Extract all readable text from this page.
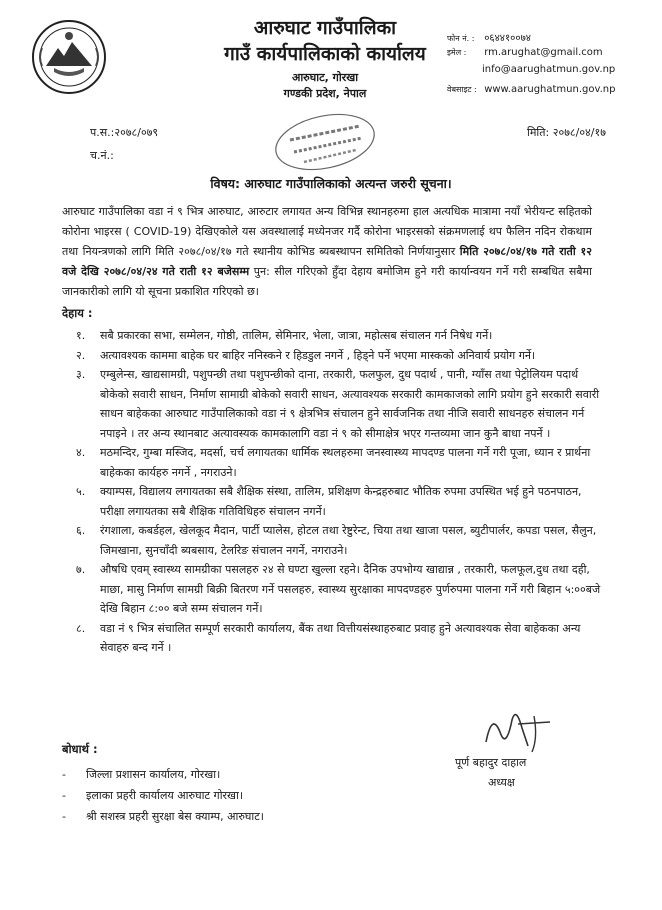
आरुघाट गाउँपालिका
गाउँ कार्यपालिकाको कार्यालय
आरुघाट, गोरखा
गण्डकी प्रदेश, नेपाल
फोन नं. : ०६४४१००७४
इमेल : rm.arughat@gmail.com
info@aarughatmun.gov.np
वेबसाइट : www.aarughatmun.gov.np
प.स.:२०७८/०७९
च.नं.:
मिति: २०७८/०४/१७
विषय: आरुघाट गाउँपालिकाको अत्यन्त जरुरी सूचना।

आरुघाट गाउँपालिका वडा नं ९ भित्र आरुघाट, आरुटार लगायत अन्य विभिन्न स्थानहरुमा हाल अत्यधिक मात्रामा नयाँ भेरीयन्ट सहितको कोरोना भाइरस ( COVID-19) देखिएकोले यस अवस्थालाई मध्येनजर गर्दै कोरोना भाइरसको संक्रमणलाई थप फैलिन नदिन रोकथाम तथा नियन्त्रणको लागि मिति २०७८/०४/१७ गते स्थानीय कोभिड ब्यबस्थापन समितिको निर्णयानुसार मिति २०७८/०४/१७ गते राती १२ वजे देखि २०७८/०४/२४ गते राती १२ बजेसम्म पुन: सील गरिएको हुँदा देहाय बमोजिम हुने गरी कार्यान्वयन गर्ने गरी सम्बधित सबैमा जानकारीको लागि यो सूचना प्रकाशित गरिएको छ।

देहाय :
१. सबै प्रकारका सभा, सम्मेलन, गोष्ठी, तालिम, सेमिनार, भेला, जात्रा, महोत्सब संचालन गर्न निषेध गर्ने।
२. अत्यावश्यक काममा बाहेक घर बाहिर ननिस्कने र हिडडुल नगर्ने , हिड्ने पर्ने भएमा मास्कको अनिवार्य प्रयोग गर्ने।
३. एम्बुलेन्स, खाद्यसामग्री, पशुपन्छी तथा पशुपन्छीको दाना, तरकारी, फलफुल, दुध पदार्थ , पानी, ग्याँस तथा पेट्रोलियम पदार्थ बोकेको सवारी साधन, निर्माण सामाग्री बोकेको सवारी साधन, अत्यावश्यक सरकारी कामकाजको लागि प्रयोग हुने सरकारी सवारी साधन बाहेकका आरुघाट गाउँपालिकाको वडा नं ९ क्षेत्रभित्र संचालन हुने सार्वजनिक तथा नीजि सवारी साधनहरु संचालन गर्न नपाइने । तर अन्य स्थानबाट अत्यावस्यक कामकालागि वडा नं ९ को सीमाक्षेत्र भएर गन्तव्यमा जान कुनै बाधा नपर्ने ।
४. मठमन्दिर, गुम्बा मस्जिद, मदर्सा, चर्च लगायतका धार्मिक स्थलहरुमा जनस्वास्थ्य मापदण्ड पालना गर्ने गरी पूजा, ध्यान र प्रार्थना बाहेकका कार्यहरु नगर्ने , नगराउने।
५. क्याम्पस, विद्यालय लगायतका सबै शैक्षिक संस्था, तालिम, प्रशिक्षण केन्द्रहरुबाट भौतिक रुपमा उपस्थित भई हुने पठनपाठन, परीक्षा लगायतका सबै शैक्षिक गतिविधिहरु संचालन नगर्ने।
६. रंगशाला, कबर्डहल, खेलकूद मैदान, पार्टी प्यालेस, होटल तथा रेष्टुरेन्ट, चिया तथा खाजा पसल, ब्युटीपार्लर, कपडा पसल, सैलुन, जिमखाना, सुनचाँदी ब्यबसाय, टेलरिङ संचालन नगर्ने, नगराउने।
७. औषधि एवम् स्वास्थ्य सामग्रीका पसलहरु २४ से घण्टा खुल्ला रहने। दैनिक उपभोग्य खाद्यान्न , तरकारी, फलफूल,दुध तथा दही, माछा, मासु निर्माण सामग्री बिक्री बितरण गर्ने पसलहरु, स्वास्थ्य सुरक्षाका मापदण्डहरु पुर्णरुपमा पालना गर्ने गरी बिहान ५:००बजे देखि बिहान ८:०० बजे सम्म संचालन गर्ने।
८. वडा नं ९ भित्र संचालित सम्पूर्ण सरकारी कार्यालय, बैंक तथा वित्तीयसंस्थाहरुबाट प्रवाह हुने अत्यावश्यक सेवा बाहेकका अन्य सेवाहरु बन्द गर्ने ।
पूर्ण बहादुर दाहाल
अध्यक्ष
बोधार्थ :
- जिल्ला प्रशासन कार्यालय, गोरखा।
- इलाका प्रहरी कार्यालय आरुघाट गोरखा।
- श्री सशस्त्र प्रहरी सुरक्षा बेस क्याम्प, आरुघाट।
